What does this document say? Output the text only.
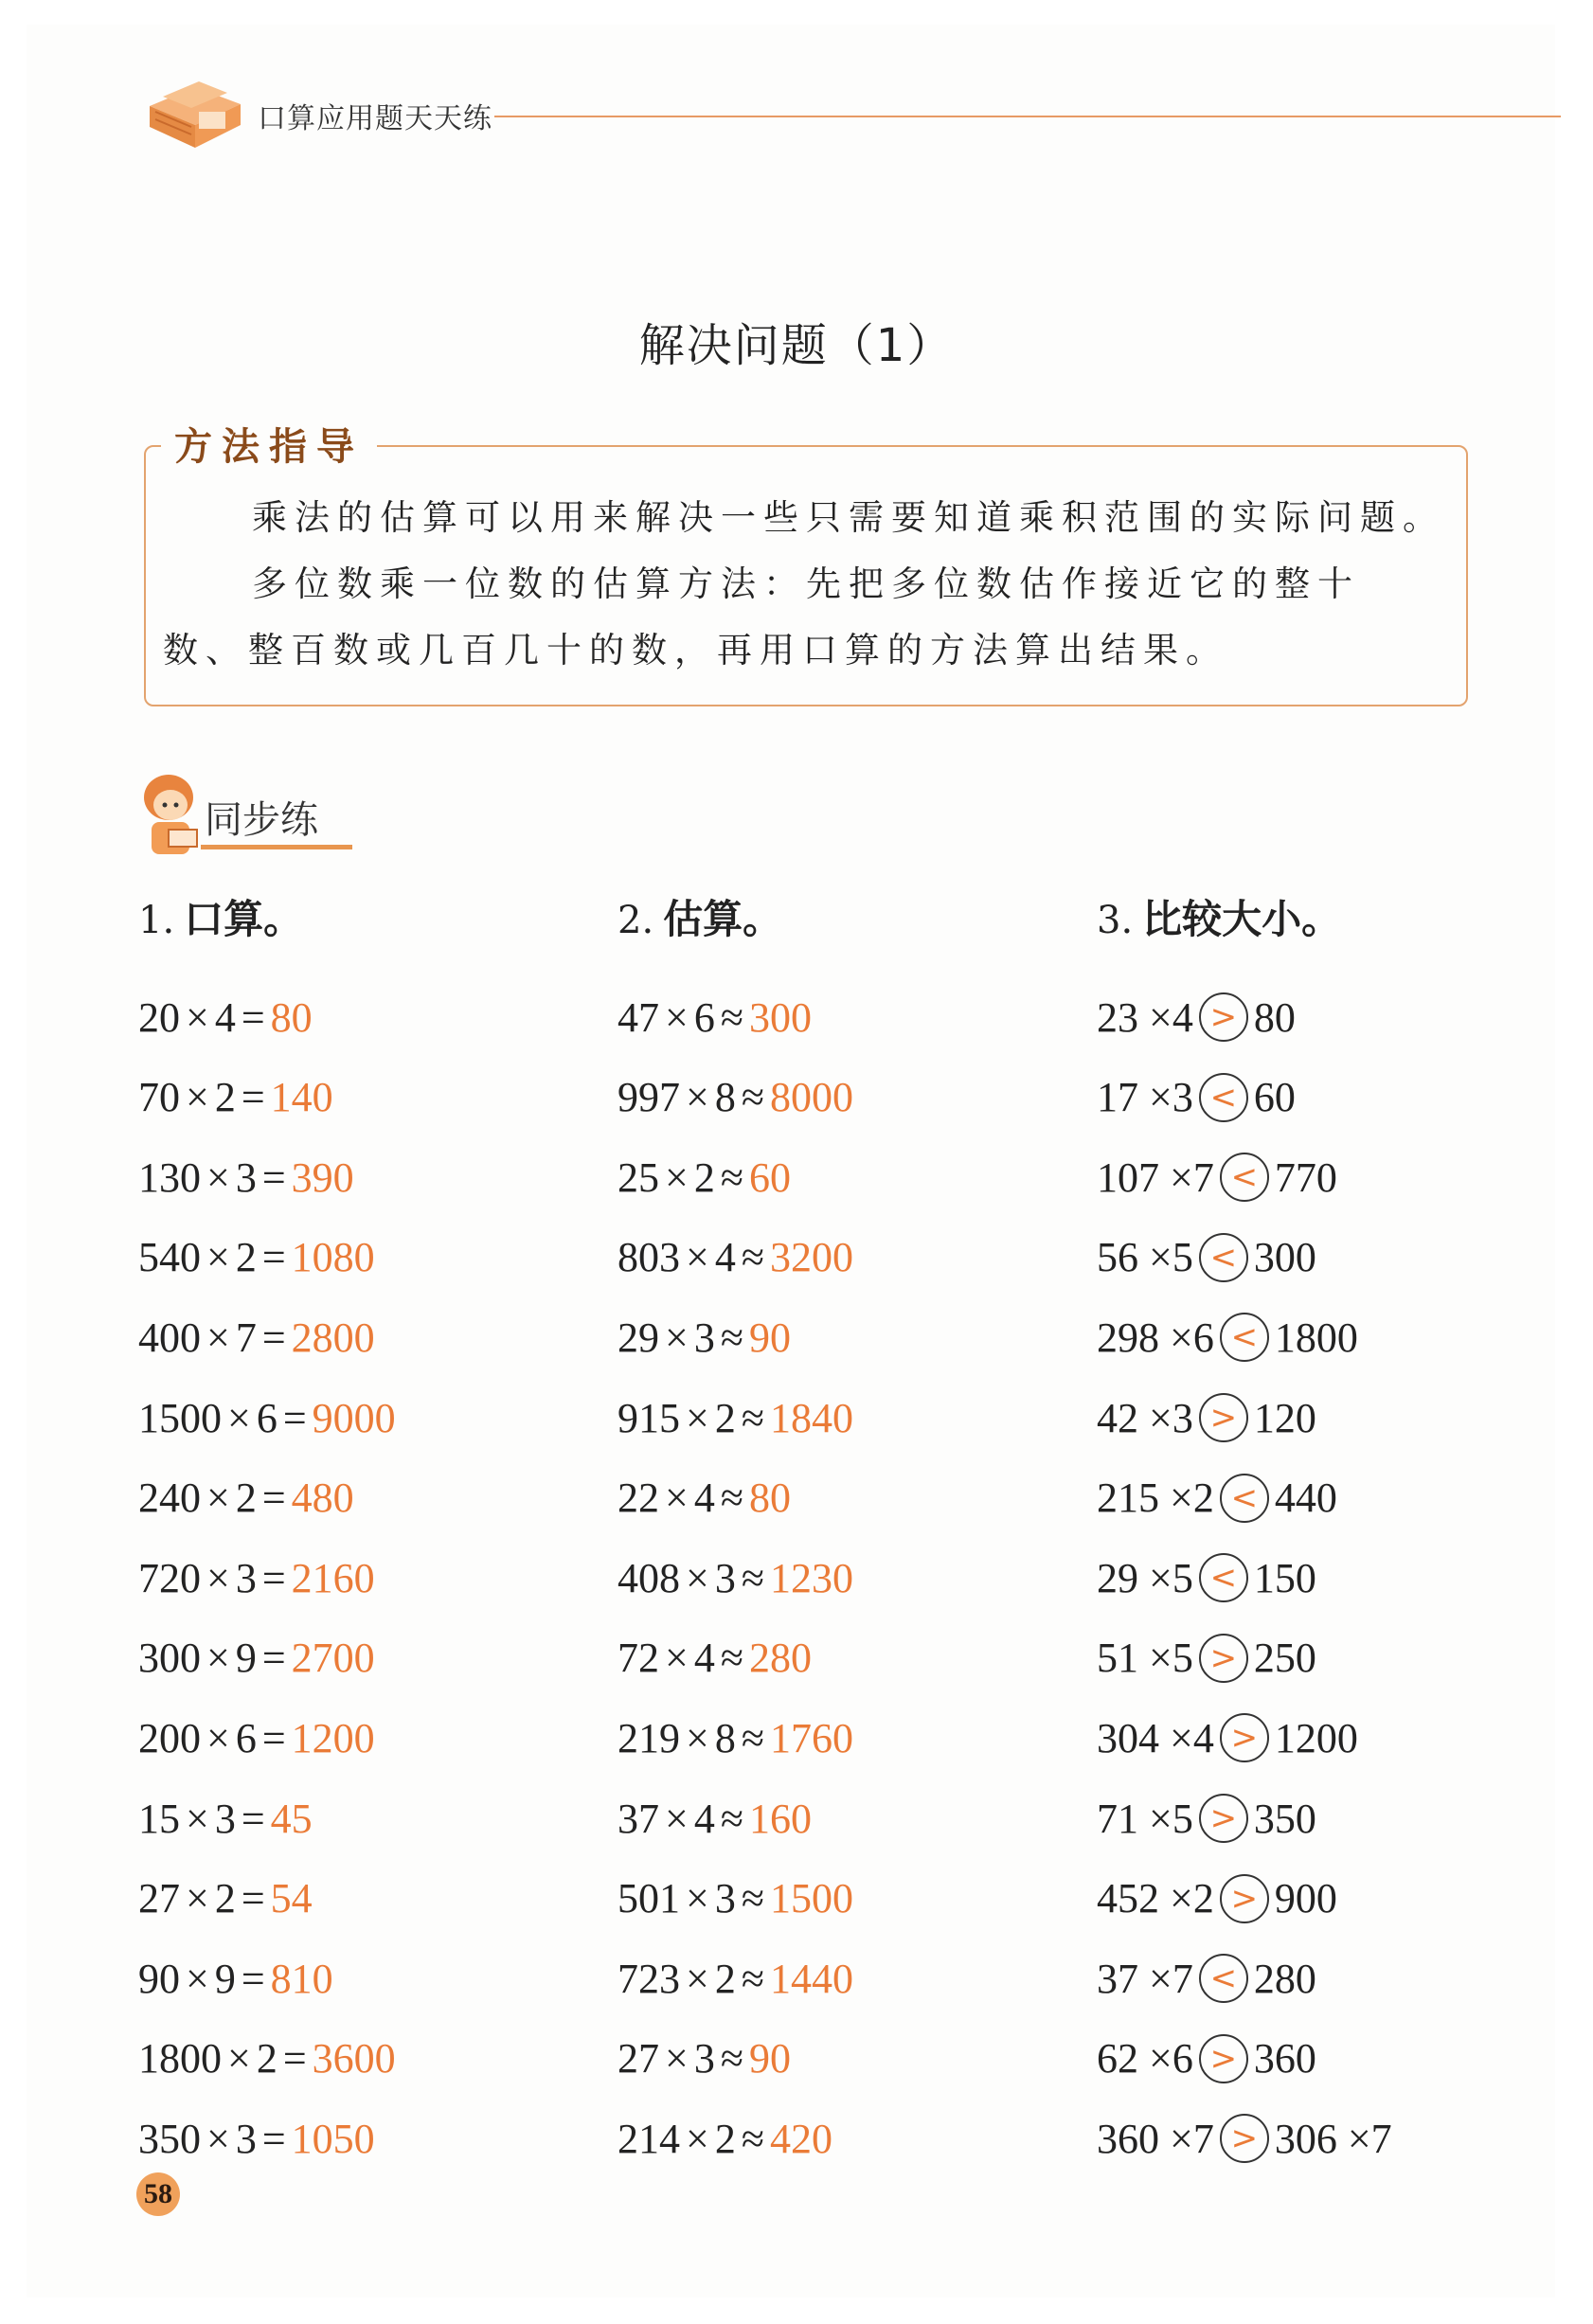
口算应用题天天练
解决问题（1）
方法指导

乘法的估算可以用来解决一些只需要知道乘积范围的实际问题。

多位数乘一位数的估算方法：先把多位数估作接近它的整十

数、整百数或几百几十的数，再用口算的方法算出结果。

同步练
1. 口算。
20 × 4 = 80
70 × 2 = 140
130 × 3 = 390
540 × 2 = 1080
400 × 7 = 2800
1500 × 6 = 9000
240 × 2 = 480
720 × 3 = 2160
300 × 9 = 2700
200 × 6 = 1200
15 × 3 = 45
27 × 2 = 54
90 × 9 = 810
1800 × 2 = 3600
350 × 3 = 1050
2. 估算。
47 × 6 ≈ 300
997 × 8 ≈ 8000
25 × 2 ≈ 60
803 × 4 ≈ 3200
29 × 3 ≈ 90
915 × 2 ≈ 1840
22 × 4 ≈ 80
408 × 3 ≈ 1230
72 × 4 ≈ 280
219 × 8 ≈ 1760
37 × 4 ≈ 160
501 × 3 ≈ 1500
723 × 2 ≈ 1440
27 × 3 ≈ 90
214 × 2 ≈ 420
3. 比较大小。
23 ×4 > 80
17 ×3 < 60
107 ×7 < 770
56 ×5 < 300
298 ×6 < 1800
42 ×3 > 120
215 ×2 < 440
29 ×5 < 150
51 ×5 > 250
304 ×4 > 1200
71 ×5 > 350
452 ×2 > 900
37 ×7 < 280
62 ×6 > 360
360 ×7 > 306 ×7
58
